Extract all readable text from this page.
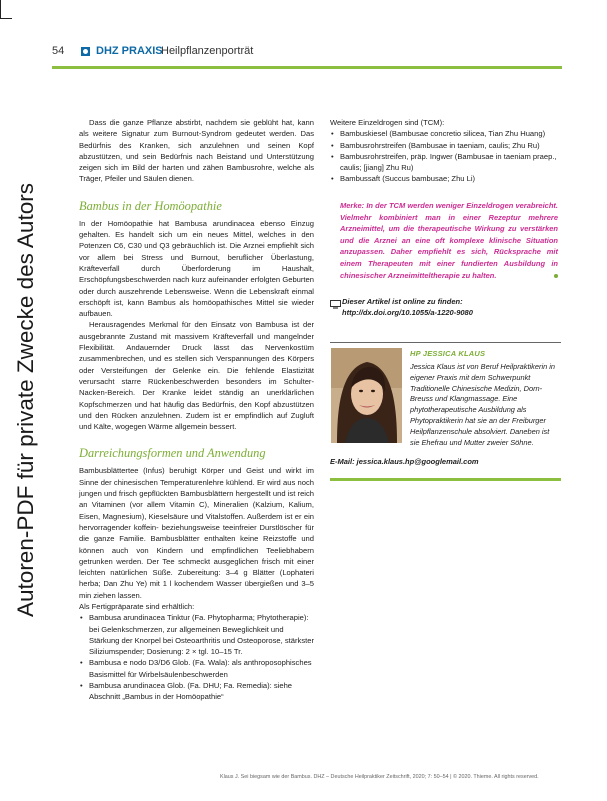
Autoren-PDF für private Zwecke des Autors
54	DHZ PRAXIS
Heilpflanzenporträt

Dass die ganze Pflanze abstirbt, nachdem sie geblüht hat, kann als weitere Signatur zum Burnout-Syndrom gedeutet werden. Das Bedürfnis des Kranken, sich anzulehnen und seinen Kopf abzustützen, und sein Bedürfnis nach Beistand und Unterstützung zeigen sich im Bild der harten und zähen Bambusrohre, welche als Träger, Pfeiler und Säulen dienen.

Bambus in der Homöopathie

In der Homöopathie hat Bambusa arundinacea ebenso Einzug gehalten. Es handelt sich um ein neues Mittel, welches in den Potenzen C6, C30 und Q3 gebräuchlich ist. Die Arznei empfiehlt sich vor allem bei Stress und Burnout, beruflicher Überlastung, Kräfteverfall durch Überforderung im Haushalt, Erschöpfungsbeschwerden nach kurz aufeinander erfolgten Geburten oder durch auszehrende Lebensweise. Wenn die Lebenskraft einmal erschöpft ist, kann Bambus als homöopathisches Mittel sie wieder aufbauen.

Herausragendes Merkmal für den Einsatz von Bambusa ist der ausgebrannte Zustand mit massivem Kräfteverfall und mangelnder Flexibilität. Andauernder Druck lässt das Nervenkostüm zusammenbrechen, und es stellen sich Verspannungen des Körpers oder Versteifungen der Gelenke ein. Die fehlende Elastizität verursacht starre Rückenbeschwerden besonders im Schulter-Nacken-Bereich. Der Kranke leidet ständig an unerklärlichen Kopfschmerzen und hat häufig das Bedürfnis, den Kopf abzustützen und den Rücken anzulehnen. Zudem ist er empfindlich auf Zugluft und Kälte, wogegen Wärme allgemein bessert.

Darreichungsformen und Anwendung

Bambusblättertee (Infus) beruhigt Körper und Geist und wirkt im Sinne der chinesischen Temperaturenlehre kühlend. Er wird aus noch jungen und frisch gepflückten Bambusblättern hergestellt und ist reich an Vitaminen (vor allem Vitamin C), Mineralien (Kalzium, Kalium, Eisen, Magnesium), Kieselsäure und Vitalstoffen. Außerdem ist er ein hervorragender koffein- beziehungsweise teeinfreier Durstlöscher für die ganze Familie. Bambusblätter enthalten keine Reizstoffe und können auch von Kindern und empfindlichen Teeliebhabern getrunken werden. Der Tee schmeckt ausgeglichen frisch mit einer leichten natürlichen Süße. Zubereitung: 3–4 g Blätter (Lophateri herba; Dan Zhu Ye) mit 1 l kochendem Wasser übergießen und 3–5 min ziehen lassen.

Als Fertigpräparate sind erhältlich:

• Bambusa arundinacea Tinktur (Fa. Phytopharma; Phytotherapie): bei Gelenkschmerzen, zur allgemeinen Beweglichkeit und Stärkung der Knorpel bei Osteoarthritis und Osteoporose, stärkster Siliziumspender; Dosierung: 2 × tgl. 10–15 Tr.
• Bambusa e nodo D3/D6 Glob. (Fa. Wala): als anthroposophisches Basismittel für Wirbelsäulenbeschwerden
• Bambusa arundinacea Glob. (Fa. DHU; Fa. Remedia): siehe Abschnitt „Bambus in der Homöopathie“

Weitere Einzeldrogen sind (TCM):

• Bambuskiesel (Bambusae concretio silicea, Tian Zhu Huang)
• Bambusrohrstreifen (Bambusae in taeniam, caulis; Zhu Ru)
• Bambusrohrstreifen, präp. Ingwer (Bambusae in taeniam praep., caulis; [jiang] Zhu Ru)
• Bambussaft (Succus bambusae; Zhu Li)
Merke: In der TCM werden weniger Einzeldrogen verabreicht. Vielmehr kombiniert man in einer Rezeptur mehrere Arzneimittel, um die therapeutische Wirkung zu verstärken und die Arznei an eine oft komplexe klinische Situation anzupassen. Daher empfiehlt es sich, Rücksprache mit einem Therapeuten mit einer fundierten Ausbildung in chinesischer Arzneimitteltherapie zu halten.
Dieser Artikel ist online zu finden:
http://dx.doi.org/10.1055/a-1220-9080
HP JESSICA KLAUS
Jessica Klaus ist von Beruf Heilpraktikerin in eigener Praxis mit dem Schwerpunkt Traditionelle Chinesische Medizin, Dorn-Breuss und Klangmassage. Eine phytotherapeutische Ausbildung als Phytopraktikerin hat sie an der Freiburger Heilpflanzenschule absolviert. Daneben ist sie Ehefrau und Mutter zweier Söhne.
E-Mail: jessica.klaus.hp@googlemail.com
Klaus J. Sei biegsam wie der Bambus. DHZ – Deutsche Heilpraktiker Zeitschrift, 2020; 7: 50–54 | © 2020. Thieme. All rights reserved.
